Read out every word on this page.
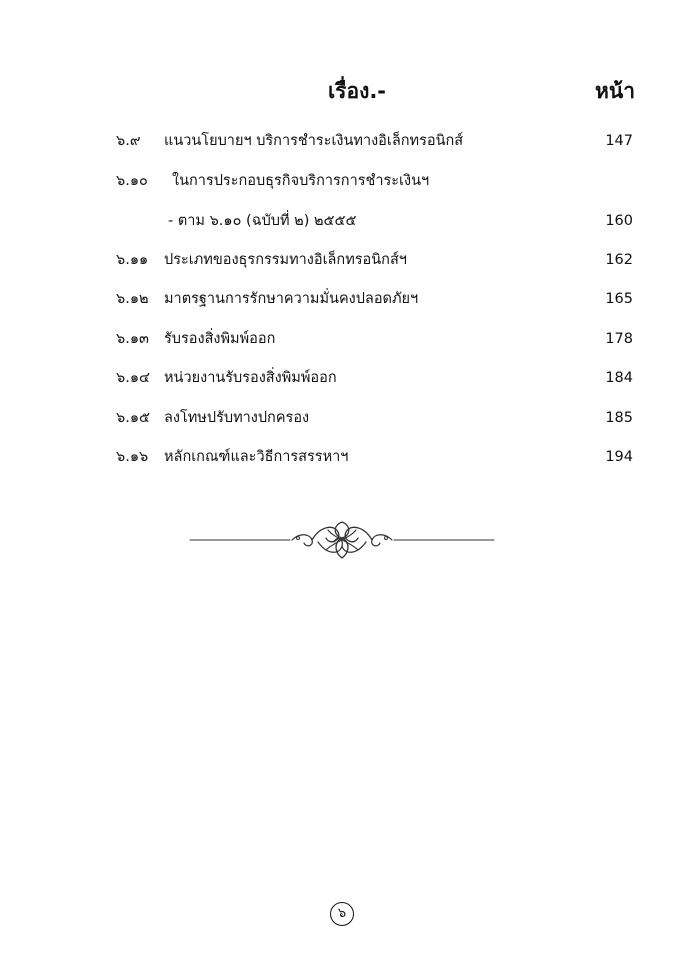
เรื่อง.-	หน้า
๖.๙ แนวนโยบายฯ บริการชำระเงินทางอิเล็กทรอนิกส์	147
๖.๑๐ ในการประกอบธุรกิจบริการการชำระเงินฯ
- ตาม ๖.๑๐ (ฉบับที่ ๒) ๒๕๕๕	160
๖.๑๑ ประเภทของธุรกรรมทางอิเล็กทรอนิกส์ฯ	162
๖.๑๒ มาตรฐานการรักษาความมั่นคงปลอดภัยฯ	165
๖.๑๓ รับรองสิ่งพิมพ์ออก	178
๖.๑๔ หน่วยงานรับรองสิ่งพิมพ์ออก	184
๖.๑๕ ลงโทษปรับทางปกครอง	185
๖.๑๖ หลักเกณฑ์และวิธีการสรรหาฯ	194
๖
